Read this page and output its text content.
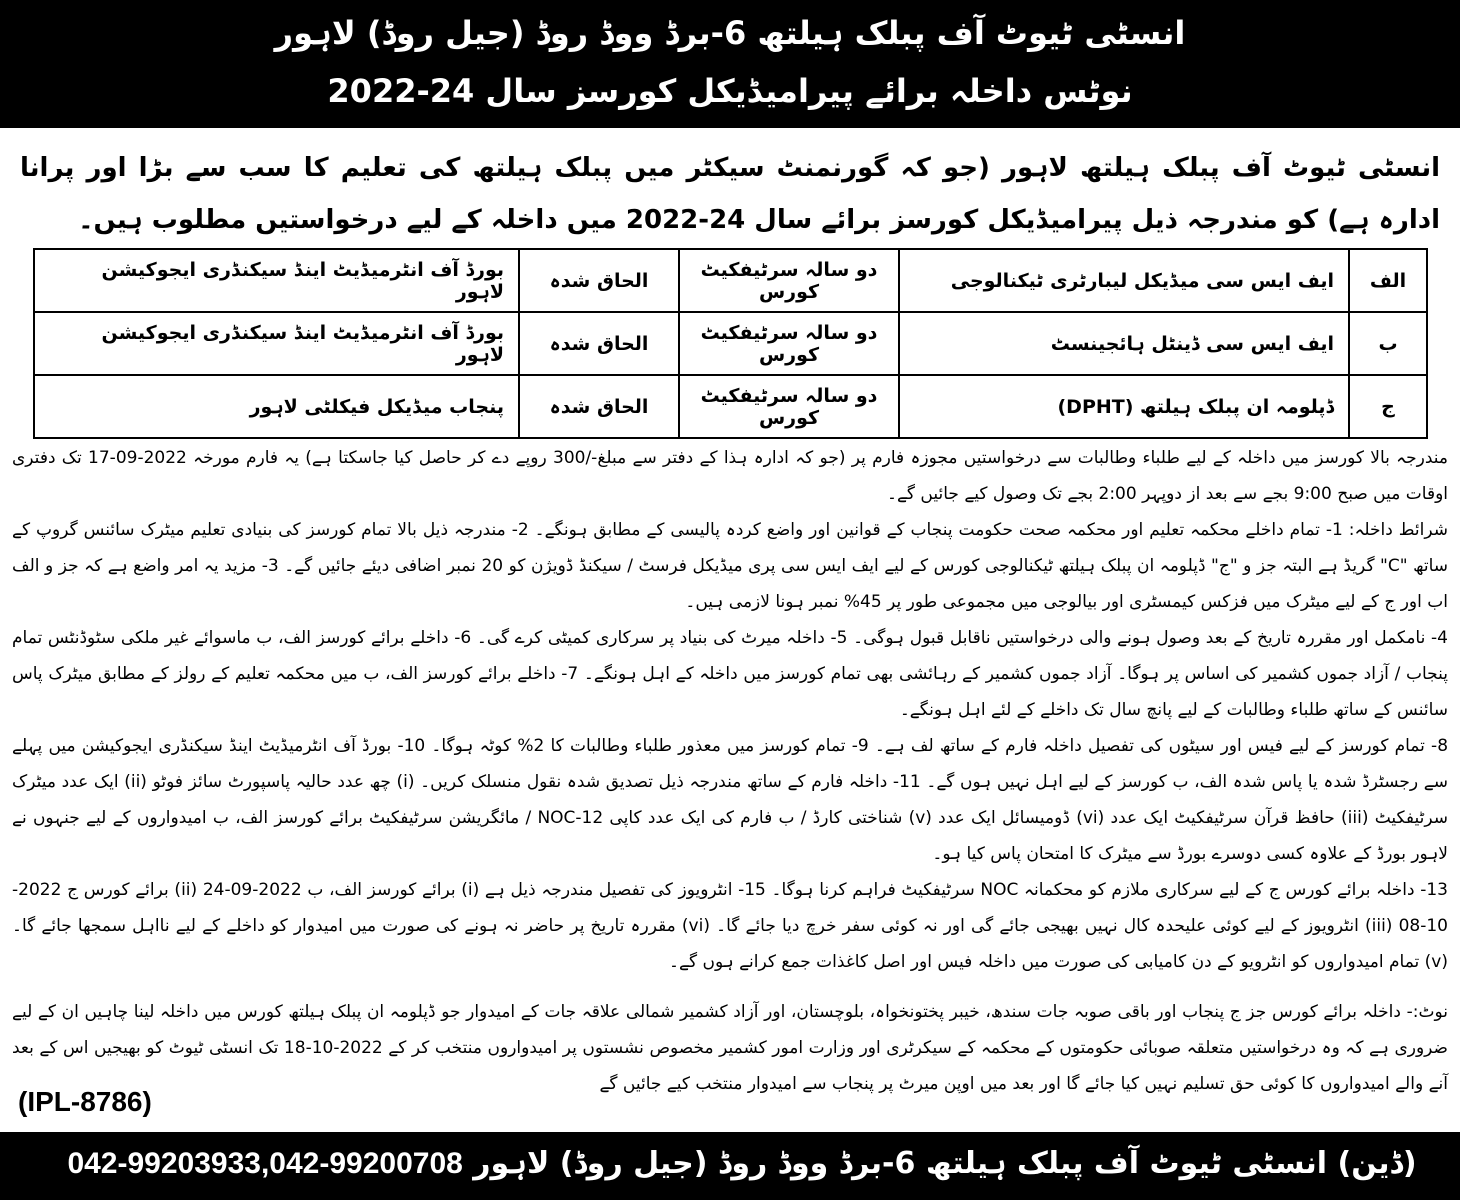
انسٹی ٹیوٹ آف پبلک ہیلتھ 6-برڈ ووڈ روڈ (جیل روڈ) لاہور
نوٹس داخلہ برائے پیرامیڈیکل کورسز سال 24-2022
انسٹی ٹیوٹ آف پبلک ہیلتھ لاہور (جو کہ گورنمنٹ سیکٹر میں پبلک ہیلتھ کی تعلیم کا سب سے بڑا اور پرانا ادارہ ہے) کو مندرجہ ذیل پیرامیڈیکل کورسز برائے سال 24-2022 میں داخلہ کے لیے درخواستیں مطلوب ہیں۔
الف	ایف ایس سی میڈیکل لیبارٹری ٹیکنالوجی	دو سالہ سرٹیفکیٹ کورس	الحاق شدہ	بورڈ آف انٹرمیڈیٹ اینڈ سیکنڈری ایجوکیشن لاہور
ب	ایف ایس سی ڈینٹل ہائجینسٹ	دو سالہ سرٹیفکیٹ کورس	الحاق شدہ	بورڈ آف انٹرمیڈیٹ اینڈ سیکنڈری ایجوکیشن لاہور
ج	ڈپلومہ ان پبلک ہیلتھ (DPHT)	دو سالہ سرٹیفکیٹ کورس	الحاق شدہ	پنجاب میڈیکل فیکلٹی لاہور

مندرجہ بالا کورسز میں داخلہ کے لیے طلباء وطالبات سے درخواستیں مجوزہ فارم پر (جو کہ ادارہ ہذا کے دفتر سے مبلغ-/300 روپے دے کر حاصل کیا جاسکتا ہے) یہ فارم مورخہ 2022-09-17 تک دفتری اوقات میں صبح 9:00 بجے سے بعد از دوپہر 2:00 بجے تک وصول کیے جائیں گے۔

شرائط داخلہ: 1- تمام داخلے محکمہ تعلیم اور محکمہ صحت حکومت پنجاب کے قوانین اور واضع کردہ پالیسی کے مطابق ہونگے۔ 2- مندرجہ ذیل بالا تمام کورسز کی بنیادی تعلیم میٹرک سائنس گروپ کے ساتھ "C" گریڈ ہے البتہ جز و "ج" ڈپلومہ ان پبلک ہیلتھ ٹیکنالوجی کورس کے لیے ایف ایس سی پری میڈیکل فرسٹ / سیکنڈ ڈویژن کو 20 نمبر اضافی دیئے جائیں گے۔ 3- مزید یہ امر واضع ہے کہ جز و الف اب اور ج کے لیے میٹرک میں فزکس کیمسٹری اور بیالوجی میں مجموعی طور پر 45% نمبر ہونا لازمی ہیں۔

4- نامکمل اور مقررہ تاریخ کے بعد وصول ہونے والی درخواستیں ناقابل قبول ہوگی۔ 5- داخلہ میرٹ کی بنیاد پر سرکاری کمیٹی کرے گی۔ 6- داخلے برائے کورسز الف، ب ماسوائے غیر ملکی سٹوڈنٹس تمام پنجاب / آزاد جموں کشمیر کی اساس پر ہوگا۔ آزاد جموں کشمیر کے رہائشی بھی تمام کورسز میں داخلہ کے اہل ہونگے۔ 7- داخلے برائے کورسز الف، ب میں محکمہ تعلیم کے رولز کے مطابق میٹرک پاس سائنس کے ساتھ طلباء وطالبات کے لیے پانچ سال تک داخلے کے لئے اہل ہونگے۔

8- تمام کورسز کے لیے فیس اور سیٹوں کی تفصیل داخلہ فارم کے ساتھ لف ہے۔ 9- تمام کورسز میں معذور طلباء وطالبات کا 2% کوٹہ ہوگا۔ 10- بورڈ آف انٹرمیڈیٹ اینڈ سیکنڈری ایجوکیشن میں پہلے سے رجسٹرڈ شدہ یا پاس شدہ الف، ب کورسز کے لیے اہل نہیں ہوں گے۔ 11- داخلہ فارم کے ساتھ مندرجہ ذیل تصدیق شدہ نقول منسلک کریں۔ (i) چھ عدد حالیہ پاسپورٹ سائز فوٹو (ii) ایک عدد میٹرک سرٹیفکیٹ (iii) حافظ قرآن سرٹیفکیٹ ایک عدد (vi) ڈومیسائل ایک عدد (v) شناختی کارڈ / ب فارم کی ایک عدد کاپی NOC-12 / مائگریشن سرٹیفکیٹ برائے کورسز الف، ب امیدواروں کے لیے جنہوں نے لاہور بورڈ کے علاوہ کسی دوسرے بورڈ سے میٹرک کا امتحان پاس کیا ہو۔

13- داخلہ برائے کورس ج کے لیے سرکاری ملازم کو محکمانہ NOC سرٹیفکیٹ فراہم کرنا ہوگا۔ 15- انٹرویوز کی تفصیل مندرجہ ذیل ہے (i) برائے کورسز الف، ب 2022-09-24 (ii) برائے کورس ج 2022-10-08 (iii) انٹرویوز کے لیے کوئی علیحدہ کال نہیں بھیجی جائے گی اور نہ کوئی سفر خرچ دیا جائے گا۔ (vi) مقررہ تاریخ پر حاضر نہ ہونے کی صورت میں امیدوار کو داخلے کے لیے نااہل سمجھا جائے گا۔ (v) تمام امیدواروں کو انٹرویو کے دن کامیابی کی صورت میں داخلہ فیس اور اصل کاغذات جمع کرانے ہوں گے۔

نوٹ:- داخلہ برائے کورس جز ج پنجاب اور باقی صوبہ جات سندھ، خیبر پختونخواہ، بلوچستان، اور آزاد کشمیر شمالی علاقہ جات کے امیدوار جو ڈپلومہ ان پبلک ہیلتھ کورس میں داخلہ لینا چاہیں ان کے لیے ضروری ہے کہ وہ درخواستیں متعلقہ صوبائی حکومتوں کے محکمہ کے سیکرٹری اور وزارت امور کشمیر مخصوص نشستوں پر امیدواروں منتخب کر کے 2022-10-18 تک انسٹی ٹیوٹ کو بھیجیں اس کے بعد آنے والے امیدواروں کا کوئی حق تسلیم نہیں کیا جائے گا اور بعد میں اوپن میرٹ پر پنجاب سے امیدوار منتخب کیے جائیں گے
(IPL-8786)
(ڈین) انسٹی ٹیوٹ آف پبلک ہیلتھ 6-برڈ ووڈ روڈ (جیل روڈ) لاہور 042-99203933,042-99200708
